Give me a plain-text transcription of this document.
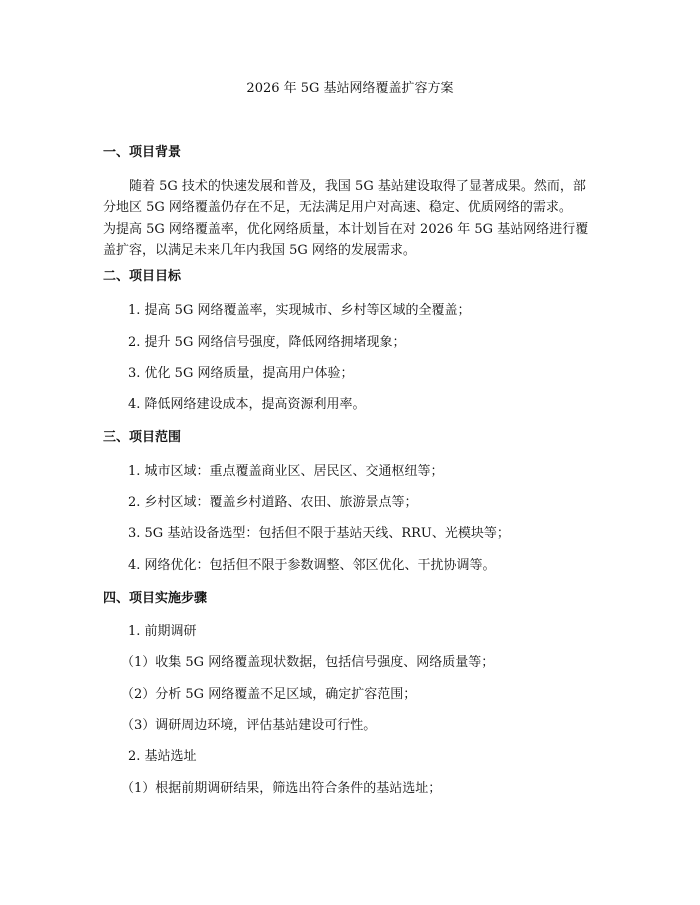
2026 年 5G 基站网络覆盖扩容方案
一、项目背景
随着 5G 技术的快速发展和普及，我国 5G 基站建设取得了显著成果。然而，部
分地区 5G 网络覆盖仍存在不足，无法满足用户对高速、稳定、优质网络的需求。
为提高 5G 网络覆盖率，优化网络质量，本计划旨在对 2026 年 5G 基站网络进行覆
盖扩容，以满足未来几年内我国 5G 网络的发展需求。
二、项目目标
1. 提高 5G 网络覆盖率，实现城市、乡村等区域的全覆盖；
2. 提升 5G 网络信号强度，降低网络拥堵现象；
3. 优化 5G 网络质量，提高用户体验；
4. 降低网络建设成本，提高资源利用率。
三、项目范围
1. 城市区域：重点覆盖商业区、居民区、交通枢纽等；
2. 乡村区域：覆盖乡村道路、农田、旅游景点等；
3. 5G 基站设备选型：包括但不限于基站天线、RRU、光模块等；
4. 网络优化：包括但不限于参数调整、邻区优化、干扰协调等。
四、项目实施步骤
1. 前期调研
（1）收集 5G 网络覆盖现状数据，包括信号强度、网络质量等；
（2）分析 5G 网络覆盖不足区域，确定扩容范围；
（3）调研周边环境，评估基站建设可行性。
2. 基站选址
（1）根据前期调研结果，筛选出符合条件的基站选址；
